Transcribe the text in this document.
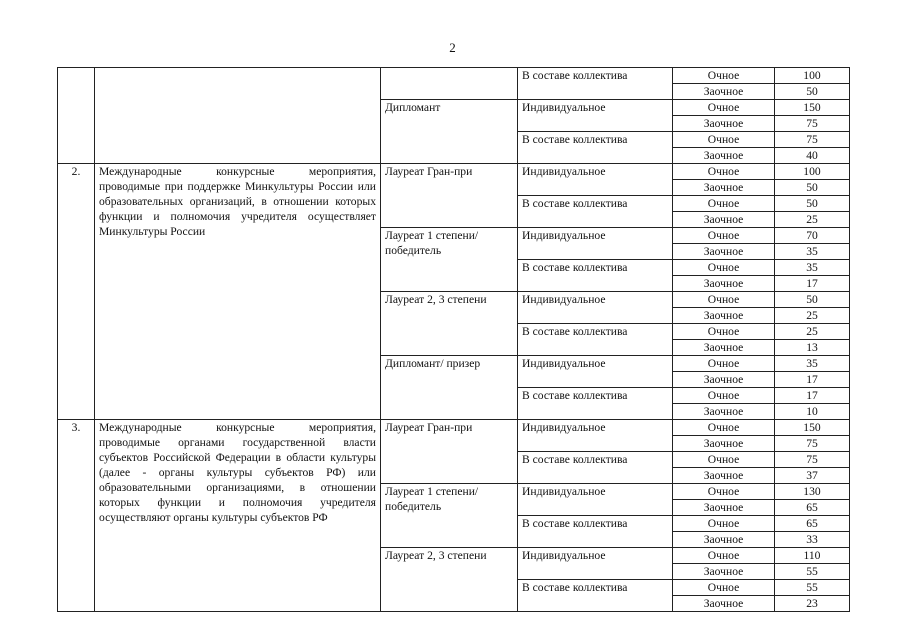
2
			В составе коллектива	Очное	100
				Заочное	50
		Дипломант	Индивидуальное	Очное	150
				Заочное	75
			В составе коллектива	Очное	75
				Заочное	40
2.	Международные конкурсные мероприятия, проводимые при поддержке Минкультуры России или образовательных организаций, в отношении которых функции и полномочия учредителя осуществляет Минкультуры России	Лауреат Гран-при	Индивидуальное	Очное	100
				Заочное	50
			В составе коллектива	Очное	50
				Заочное	25
		Лауреат 1 степени/ победитель	Индивидуальное	Очное	70
				Заочное	35
			В составе коллектива	Очное	35
				Заочное	17
		Лауреат 2, 3 степени	Индивидуальное	Очное	50
				Заочное	25
			В составе коллектива	Очное	25
				Заочное	13
		Дипломант/ призер	Индивидуальное	Очное	35
				Заочное	17
			В составе коллектива	Очное	17
				Заочное	10
3.	Международные конкурсные мероприятия, проводимые органами государственной власти субъектов Российской Федерации в области культуры (далее - органы культуры субъектов РФ) или образовательными организациями, в отношении которых функции и полномочия учредителя осуществляют органы культуры субъектов РФ	Лауреат Гран-при	Индивидуальное	Очное	150
				Заочное	75
			В составе коллектива	Очное	75
				Заочное	37
		Лауреат 1 степени/ победитель	Индивидуальное	Очное	130
				Заочное	65
			В составе коллектива	Очное	65
				Заочное	33
		Лауреат 2, 3 степени	Индивидуальное	Очное	110
				Заочное	55
			В составе коллектива	Очное	55
				Заочное	23
